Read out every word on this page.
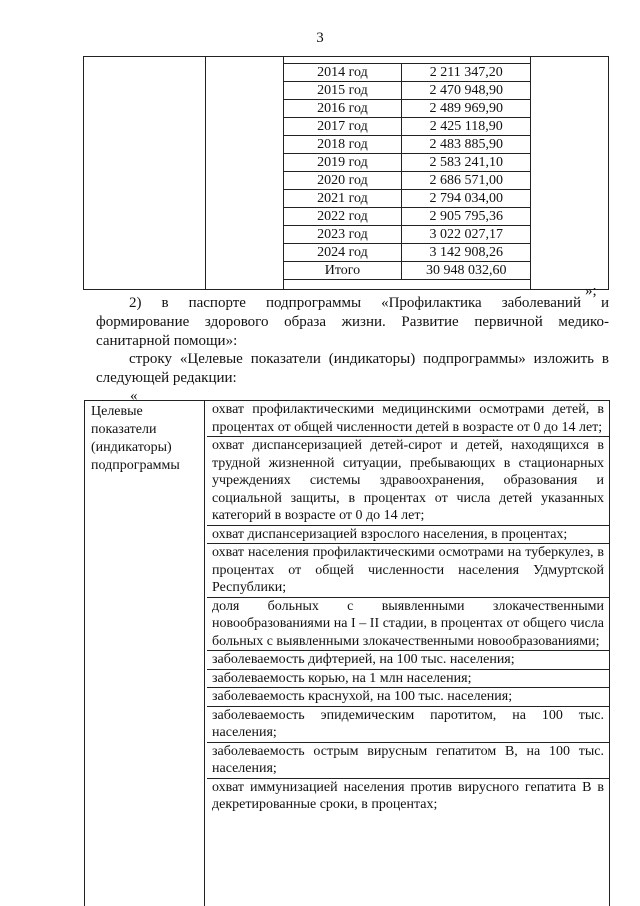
3

		2014 год	2 211 347,20	
		2015 год	2 470 948,90	
		2016 год	2 489 969,90	
		2017 год	2 425 118,90	
		2018 год	2 483 885,90	
		2019 год	2 583 241,10	
		2020 год	2 686 571,00	
		2021 год	2 794 034,00	
		2022 год	2 905 795,36	
		2023 год	3 022 027,17	
		2024 год	3 142 908,26	
		Итого	30 948 032,60	

»;
2) в паспорте подпрограммы «Профилактика заболеваний и
формирование здорового образа жизни. Развитие первичной медико-
санитарной помощи»:
строку «Целевые показатели (индикаторы) подпрограммы» изложить в
следующей редакции:
«
Целевые показатели (индикаторы) подпрограммы
охват профилактическими медицинскими осмотрами детей, в процентах от общей численности детей в возрасте от 0 до 14 лет;
охват диспансеризацией детей-сирот и детей, находящихся в трудной жизненной ситуации, пребывающих в стационарных учреждениях системы здравоохранения, образования и социальной защиты, в процентах от числа детей указанных категорий в возрасте от 0 до 14 лет;
охват диспансеризацией взрослого населения, в процентах;
охват населения профилактическими осмотрами на туберкулез, в процентах от общей численности населения Удмуртской Республики;
доля больных с выявленными злокачественными новообразованиями на I – II стадии, в процентах от общего числа больных с выявленными злокачественными новообразованиями;
заболеваемость дифтерией, на 100 тыс. населения;
заболеваемость корью, на 1 млн населения;
заболеваемость краснухой, на 100 тыс. населения;
заболеваемость эпидемическим паротитом, на 100 тыс. населения;
заболеваемость острым вирусным гепатитом В, на 100 тыс. населения;
охват иммунизацией населения против вирусного гепатита В в декретированные сроки, в процентах;
